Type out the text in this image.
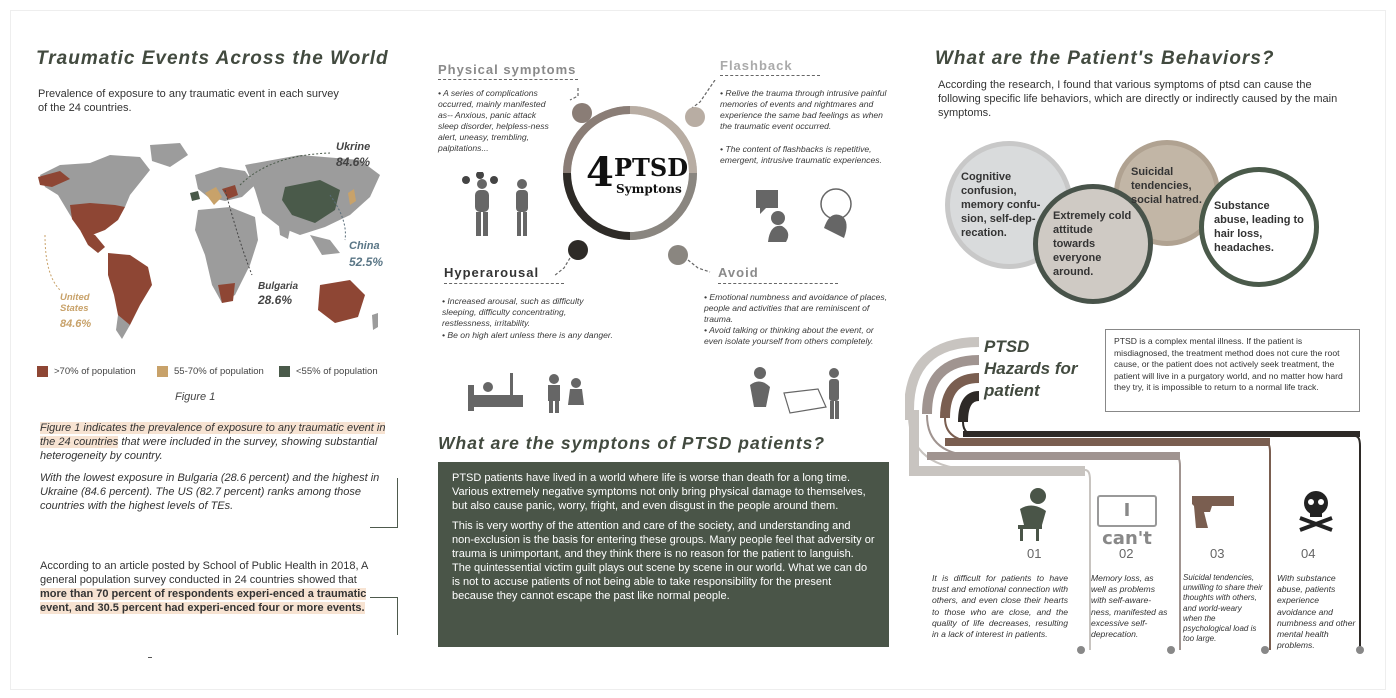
Traumatic Events Across the World
Prevalence of exposure to any traumatic event in each survey of the 24 countries.
Ukrine
84.6%
China
52.5%
Bulgaria
28.6%
United States
84.6%
>70% of population	55-70% of population	<55% of population
Figure 1
Figure 1 indicates the prevalence of exposure to any traumatic event in the 24 countries that were included in the survey, showing substantial heterogeneity by country.
With the lowest exposure in Bulgaria (28.6 percent) and the highest in Ukraine (84.6 percent). The US (82.7 percent) ranks among those countries with the highest levels of TEs.
According to an article posted by School of Public Health in 2018, A general population survey conducted in 24 countries showed that more than 70 percent of respondents experi-enced a traumatic event, and 30.5 percent had experi-enced four or more events.
Physical symptoms
• A series of complications occurred, mainly manifested as-- Anxious, panic attack sleep disorder, helpless-ness alert, uneasy, trembling, palpitations...
Flashback
• Relive the trauma through intrusive painful memories of events and nightmares and experience the same bad feelings as when the traumatic event occurred.
• The content of flashbacks is repetitive, emergent, intrusive traumatic experiences.
Hyperarousal
• Increased arousal, such as difficulty sleeping, difficulty concentrating, restlessness, irritability.
• Be on high alert unless there is any danger.
Avoid
• Emotional numbness and avoidance of places, people and activities that are reminiscent of trauma.
• Avoid talking or thinking about the event, or even isolate yourself from others completely.
4 PTSD
Symptons
What are the symptons of PTSD patients?

PTSD patients have lived in a world where life is worse than death for a long time. Various extremely negative symptoms not only bring physical damage to themselves, but also cause panic, worry, fright, and even disgust in the people around them.

This is very worthy of the attention and care of the society, and understanding and non-exclusion is the basis for entering these groups. Many people feel that adversity or trauma is unimportant, and they think there is no reason for the patient to languish. The quintessential victim guilt plays out scene by scene in our world. What we can do is not to accuse patients of not being able to take responsibility for the present because they cannot escape the past like normal people.

What are the Patient's Behaviors?
According the research, I found that various symptoms of ptsd can cause the following specific life behaviors, which are directly or indirectly caused by the main symptoms.
Cognitive confusion, memory confu-sion, self-dep-recation.
Suicidal tendencies, social hatred. Substance abuse, leading to hair loss, headaches.
Extremely cold attitude towards everyone around.
PTSD
Hazards for
patient
PTSD is a complex mental illness. If the patient is misdiagnosed, the treatment method does not cure the root cause, or the patient does not actively seek treatment, the patient will live in a purgatory world, and no matter how hard they try, it is impossible to return to a normal life track.
I can't
01	02	03	04
It is difficult for patients to have trust and emotional connection with others, and even close their hearts to those who are close, and the quality of life decreases, resulting in a lack of interest in patients.
Memory loss, as well as problems with self-aware-ness, manifested as excessive self-deprecation.
Suicidal tendencies, unwilling to share their thoughts with others, and world-weary when the psychological load is too large.
With substance abuse, patients experience avoidance and numbness and other mental health problems.
